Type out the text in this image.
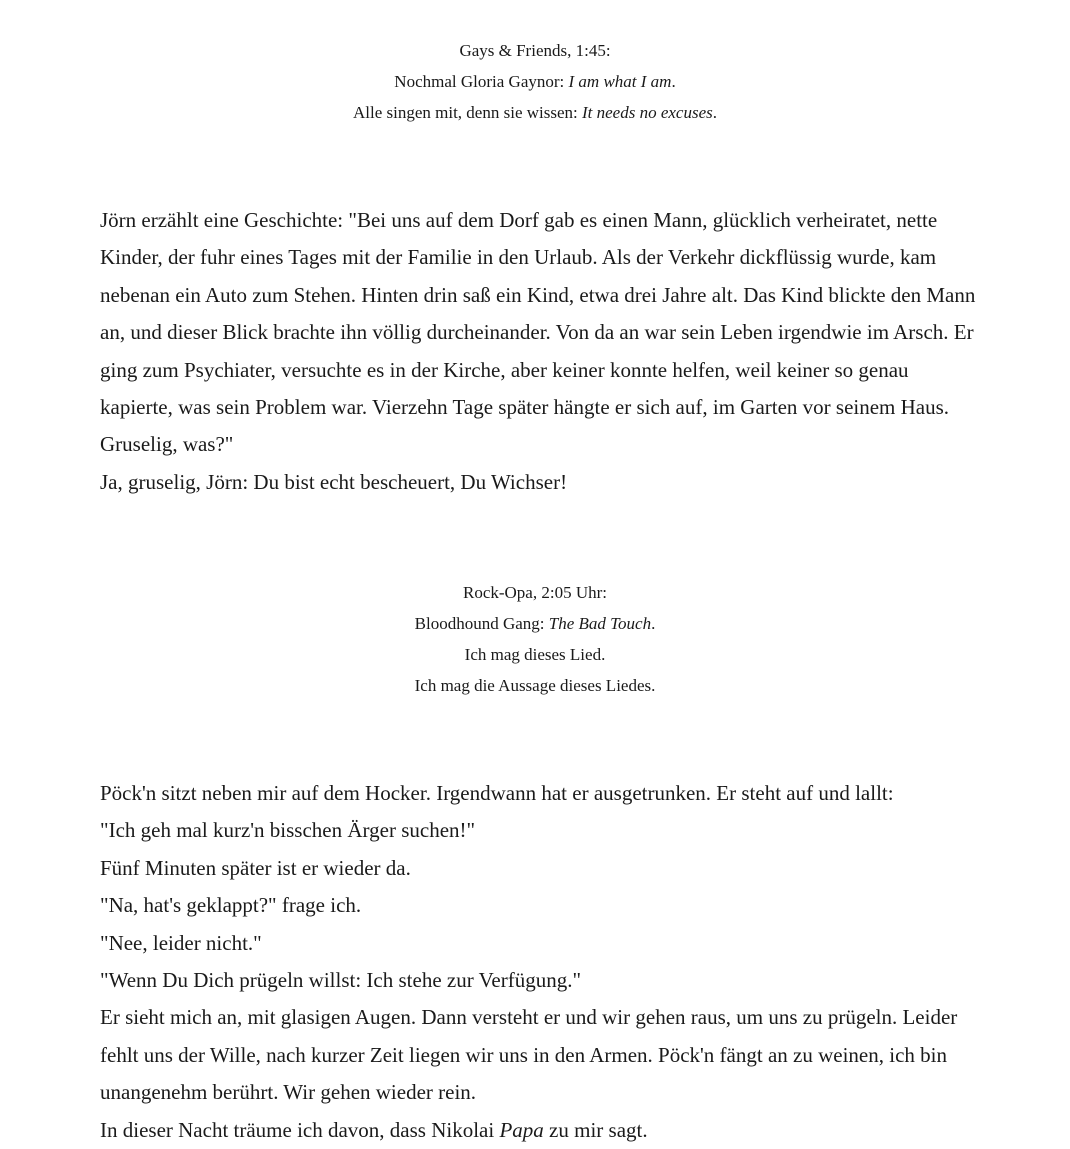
Gays & Friends, 1:45:
Nochmal Gloria Gaynor: I am what I am.
Alle singen mit, denn sie wissen: It needs no excuses.
Jörn erzählt eine Geschichte: "Bei uns auf dem Dorf gab es einen Mann, glücklich verheiratet, nette Kinder, der fuhr eines Tages mit der Familie in den Urlaub. Als der Verkehr dickflüssig wurde, kam nebenan ein Auto zum Stehen. Hinten drin saß ein Kind, etwa drei Jahre alt. Das Kind blickte den Mann an, und dieser Blick brachte ihn völlig durcheinander. Von da an war sein Leben irgendwie im Arsch. Er ging zum Psychiater, versuchte es in der Kirche, aber keiner konnte helfen, weil keiner so genau kapierte, was sein Problem war. Vierzehn Tage später hängte er sich auf, im Garten vor seinem Haus. Gruselig, was?"
Ja, gruselig, Jörn: Du bist echt bescheuert, Du Wichser!
Rock-Opa, 2:05 Uhr:
Bloodhound Gang: The Bad Touch.
Ich mag dieses Lied.
Ich mag die Aussage dieses Liedes.
Pöck'n sitzt neben mir auf dem Hocker. Irgendwann hat er ausgetrunken. Er steht auf und lallt:
"Ich geh mal kurz'n bisschen Ärger suchen!"
Fünf Minuten später ist er wieder da.
"Na, hat's geklappt?" frage ich.
"Nee, leider nicht."
"Wenn Du Dich prügeln willst: Ich stehe zur Verfügung."
Er sieht mich an, mit glasigen Augen. Dann versteht er und wir gehen raus, um uns zu prügeln. Leider fehlt uns der Wille, nach kurzer Zeit liegen wir uns in den Armen. Pöck'n fängt an zu weinen, ich bin unangenehm berührt. Wir gehen wieder rein.
In dieser Nacht träume ich davon, dass Nikolai Papa zu mir sagt.
